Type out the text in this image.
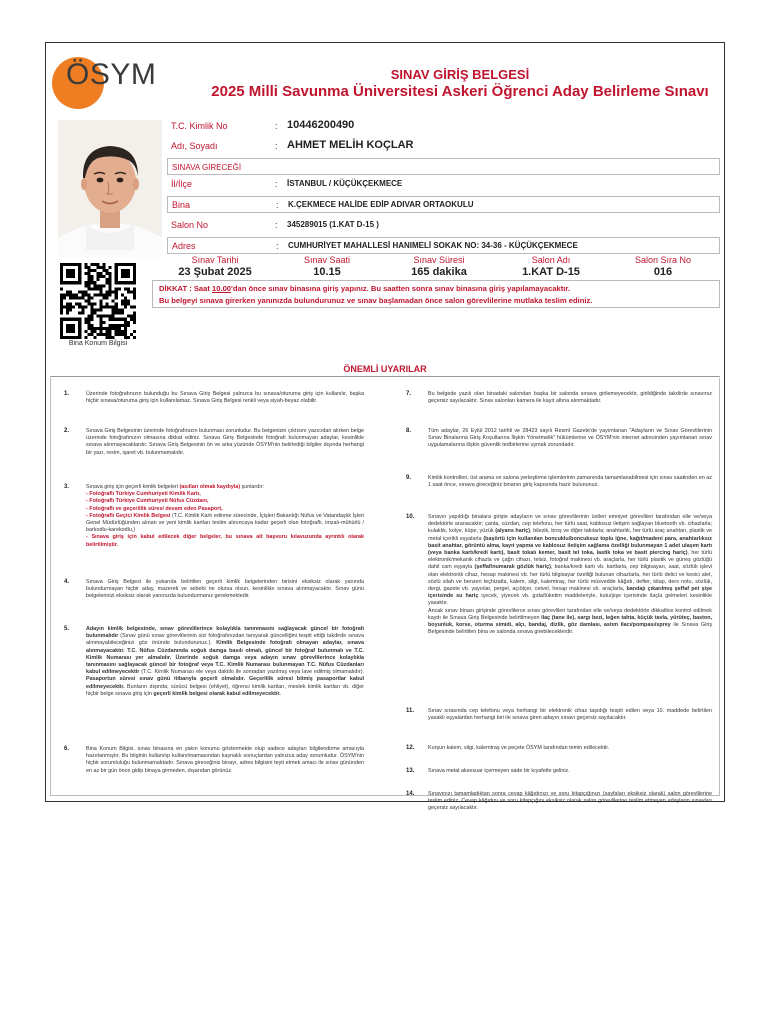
ÖSYM	SINAV GİRİŞ BELGESİ
2025 Milli Savunma Üniversitesi Askeri Öğrenci Aday Belirleme Sınavı
T.C. Kimlik No	: 10446200490
Adı, Soyadı	: AHMET MELİH KOÇLAR
SINAVA GİRECEĞİ
İl/İlçe	: İSTANBUL / KÜÇÜKÇEKMECE
Bina	: K.ÇEKMECE HALİDE EDİP ADIVAR ORTAOKULU
Salon No	: 345289015 (1.KAT D-15 )
Adres	: CUMHURİYET MAHALLESİ HANIMELİ SOKAK NO: 34-36 - KÜÇÜKÇEKMECE
Sınav Tarihi
23 Şubat 2025
Sınav Saati
10.15
Sınav Süresi
165 dakika
Salon Adı
1.KAT D-15
Salon Sıra No
016
DİKKAT : Saat 10.00'dan önce sınav binasına giriş yapınız. Bu saatten sonra sınav binasına giriş yapılamayacaktır.
Bu belgeyi sınava girerken yanınızda bulundurunuz ve sınav başlamadan önce salon görevlilerine mutlaka teslim ediniz.
Bina Konum Bilgisi
ÖNEMLİ UYARILAR
1.	Üzerinde fotoğrafınızın bulunduğu bu Sınava Giriş Belgesi yalnızca bu sınava/oturuma giriş için kullanılır, başka hiçbir sınava/oturuma giriş için kullanılamaz. Sınava Giriş Belgesi renkli veya siyah-beyaz olabilir.
2.	Sınava Giriş Belgesinin üzerinde fotoğrafınızın bulunması zorunludur. Bu belgenizin çıktısını yazıcıdan alırken belge üzerinde fotoğrafınızın olmasına dikkat ediniz. Sınava Giriş Belgesinde fotoğrafı bulunmayan adaylar, kesinlikle sınava alınmayacaklardır. Sınava Giriş Belgesinin ön ve arka yüzünde ÖSYM'nin belirlediği bilgiler dışında herhangi bir yazı, resim, işaret vb. bulunmamalıdır.
3.	Sınava giriş için geçerli kimlik belgeleri (asılları olmak kaydıyla) şunlardır:
- Fotoğraflı Türkiye Cumhuriyeti Kimlik Kartı,
- Fotoğraflı Türkiye Cumhuriyeti Nüfus Cüzdanı,
- Fotoğraflı ve geçerlilik süresi devam eden Pasaport,
- Fotoğraflı Geçici Kimlik Belgesi (T.C. Kimlik Kartı edinme sürecinde, İçişleri Bakanlığı Nüfus ve Vatandaşlık İşleri Genel Müdürlüğünden alınan ve yeni kimlik kartları teslim alınıncaya kadar geçerli olan fotoğraflı, imzalı-mühürlü / barkodlu-karekodlu,)
- Sınava giriş için kabul edilecek diğer belgeler, bu sınava ait başvuru kılavuzunda ayrıntılı olarak belirtilmiştir.
4.	Sınava Giriş Belgesi ile yukarıda belirtilen geçerli kimlik belgelerinden birisini eksiksiz olarak yanında bulundurmayan hiçbir aday, mazereti ve sebebi ne olursa olsun, kesinlikle sınava alınmayacaktır. Sınav günü belgelerinizi eksiksiz olarak yanınızda bulundurmanız gerekmektedir.
5.	Adayın kimlik belgesinde, sınav görevlilerince kolaylıkla tanınmasını sağlayacak güncel bir fotoğrafı bulunmalıdır (Sınav günü sınav görevlilerinin sizi fotoğrafınızdan tanıyarak güncelliğini tespit ettiği takdirde sınava alınmayabileceğinizi göz önünde bulundurunuz.). Kimlik Belgesinde fotoğrafı olmayan adaylar, sınava alınmayacaktır. T.C. Nüfus Cüzdanında soğuk damga basılı olmalı, güncel bir fotoğraf bulunmalı ve T.C. Kimlik Numarası yer almalıdır. Üzerinde soğuk damga veya adayın sınav görevlilerince kolaylıkla tanınmasını sağlayacak güncel bir fotoğraf veya T.C. Kimlik Numarası bulunmayan T.C. Nüfus Cüzdanları kabul edilmeyecektir (T.C. Kimlik Numarası ele veya daktilo ile sonradan yazılmış veya lave edilmiş olmamalıdır). Pasaportun süresi sınav günü itibarıyla geçerli olmalıdır. Geçerlilik süresi bitmiş pasaportlar kabul edilmeyecektir. Bunların dışında; sürücü belgesi (ehliyet), öğrenci kimlik kartları, meslek kimlik kartları vb. diğer hiçbir belge sınava giriş için geçerli kimlik belgesi olarak kabul edilmeyecektir.
6.	Bina Konum Bilgisi, sınav binasına en yakın konumu göstermekte olup sadece adayları bilgilendirme amacıyla hazırlanmıştır. Bu bilginin kullanılıp kullanılmamasından kaynaklı sonuçlardan yalnızca aday sorumludur. ÖSYM'nin hiçbir sorumluluğu bulunmamaktadır. Sınava gireceğiniz binayı, adres bilgisini teyit etmek amacı ile sınav gününden en az bir gün önce gidip binaya girmeden, dışarıdan görünüz.
7.	Bu belgede yazılı olan binadaki salondan başka bir salonda sınava girilemeyecektir, girildiğinde takdirde sınavınız geçersiz sayılacaktır. Sınav salonları kamera ile kayıt altına alınmaktadır.
8.	Tüm adaylar, 26 Eylül 2012 tarihli ve 28423 sayılı Resmî Gazete'de yayımlanan "Adayların ve Sınav Görevlilerinin Sınav Binalarına Giriş Koşullarına İlişkin Yönetmelik" hükümlerine ve ÖSYM'nin internet adresinden yayımlanan sınav uygulamalarına ilişkin güvenlik tedbirlerine uymak zorundadır.
9.	Kimlik kontrolleri, üst arama ve salona yerleştirme işlemlerinin zamanında tamamlanabilmesi için sınav saatinden en az 1 saat önce, sınava gireceğiniz binanın giriş kapısında hazır bulununuz.
10.	Sınavın yapıldığı binalara girişte adayların ve sınav görevlilerinin üstleri emniyet görevlileri tarafından elle ve/veya dedektörle aranacaktır; çanta, cüzdan, cep telefonu, her türlü saat, kablosuz iletişim sağlayan bluetooth vb. cihazlarla; kulaklık, kolye, küpe, yüzük (alyans hariç), bilezik, broş ve diğer takılarla; anahtarlık, her türlü araç anahtarı, plastik ve metal içerikli eşyalarla (başörtü için kullanılan boncuklu/boncuksuz toplu iğne, kağıt/madeni para, anahtarlıksız basit anahtar, görüntü alma, kayıt yapma ve kablosuz iletişim sağlama özelliği bulunmayan 1 adet ulaşım kartı (veya banka kartı/kredi kartı), basit tokalı kemer, basit tel toka, lastik toka ve basit piercing hariç), her türlü elektronik/mekanik cihazla ve çağrı cihazı, telsiz, fotoğraf makinesi vb. araçlarla, her türlü plastik ve güneş gözlüğü dahil cam eşyayla (şeffaf/numaralı gözlük hariç), banka/kredi kartı vb. kartlarla, cep bilgisayarı, saat, sözlük işlevi olan elektronik cihaz, hesap makinesi vb. her türlü bilgisayar özelliği bulunan cihazlarla, her türlü delici ve kesici alet, sözlü silah ve benzeri teçhizatla, kalem, silgi, kalemtraş, her türlü müsvedde kâğıdı, defter, kitap, ders notu, sözlük, dergi, gazete vb. yayınlar, pergel, açıölçer, cetvel, hesap makinesi vb. araçlarla, bandajı çıkarılmış şeffaf pet şişe içerisinde su hariç içecek, yiyecek vb. gıda/tüketim maddeleriyle, kutu/şişe içerisinde ilaçla gelmeleri kesinlikle yasaktır.
Ancak sınav binası girişinde görevlilerce sınav görevlileri tarafından elle ve/veya dedektörle dikkatlice kontrol edilmek kaydı ile Sınava Giriş Belgesinde belirtilmeyen ilaç (tane ile), sargı bezi, leğen tahta, küçük tavla, yürüteç, baston, boyunluk, korse, oturma simidi, alçı, bandaj, dizlik, göz damlası, astım ilacı/pompası/sprey ile Sınava Giriş Belgesinde belirtilen bina ve salonda sınava girebileceklerdir.
11.	Sınav sırasında cep telefonu veya herhangi bir elektronik cihaz taşıdığı tespit edilen veya 10. maddede belirtilen yasaklı eşyalardan herhangi biri ile sınava giren adayın sınavı geçersiz sayılacaktır.
12.	Kurşun kalem, silgi, kalemtraş ve peçete ÖSYM tarafından temin edilecektir.
13.	Sınava metal aksesuar içermeyen sade bir kıyafetle geliniz.
14.	Sınavınızı tamamladıktan sonra cevap kâğıdınızı ve soru kitapçığınızı (sayfaları eksiksiz olarak) salon görevlilerine teslim ediniz. Cevap kâğıdını ve soru kitapçığını eksiksiz olarak salon görevlilerine teslim etmeyen adayların sınavları geçersiz sayılacaktır.
